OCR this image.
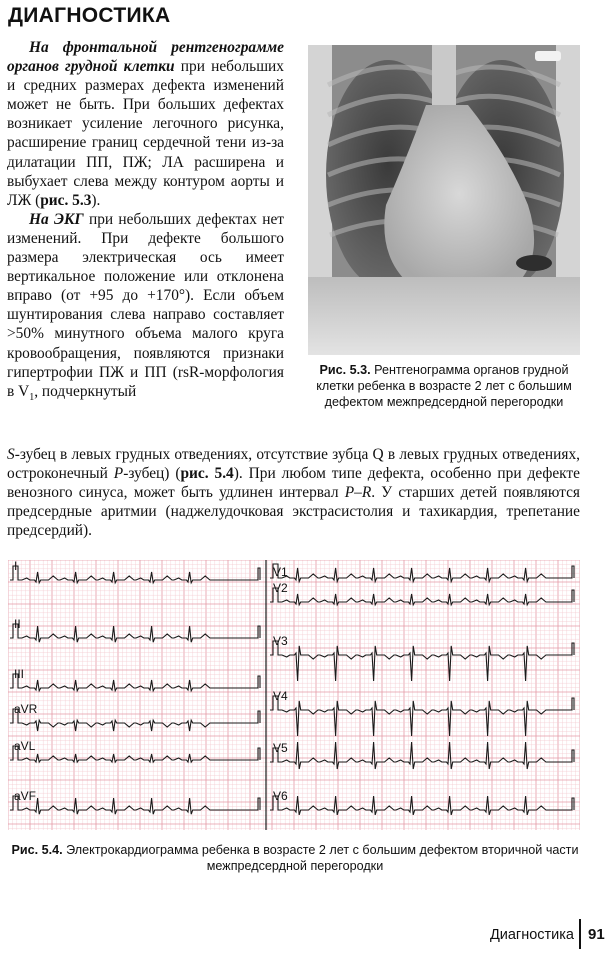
ДИАГНОСТИКА
На фронтальной рентгенограмме органов грудной клетки при небольших и средних размерах дефекта изменений может не быть. При больших дефектах возникает усиление легочного рисунка, расширение границ сердечной тени из-за дилатации ПП, ПЖ; ЛА расширена и выбухает слева между контуром аорты и ЛЖ (рис. 5.3).
На ЭКГ при небольших дефектах нет изменений. При дефекте большого размера электрическая ось имеет вертикальное положение или отклонена вправо (от +95 до +170°). Если объем шунтирования слева направо составляет >50% минутного объема малого круга кровообращения, появляются признаки гипертрофии ПЖ и ПП (rsR-морфология в $V_1$, подчеркнутый
S-зубец в левых грудных отведениях, отсутствие зубца Q в левых грудных отведениях, остроконечный P-зубец) (рис. 5.4). При любом типе дефекта, особенно при дефекте венозного синуса, может быть удлинен интервал P–R. У старших детей появляются предсердные аритмии (наджелудочковая экстрасистолия и тахикардия, трепетание предсердий).
Рис. 5.3. Рентгенограмма органов грудной клетки ребенка в возрасте 2 лет с большим дефектом межпредсердной перегородки
I
II
III
aVR
aVL
aVF
V1
V2
V3
V4
V5
V6
Рис. 5.4. Электрокардиограмма ребенка в возрасте 2 лет с большим дефектом вторичной части межпредсердной перегородки
Диагностика 91
